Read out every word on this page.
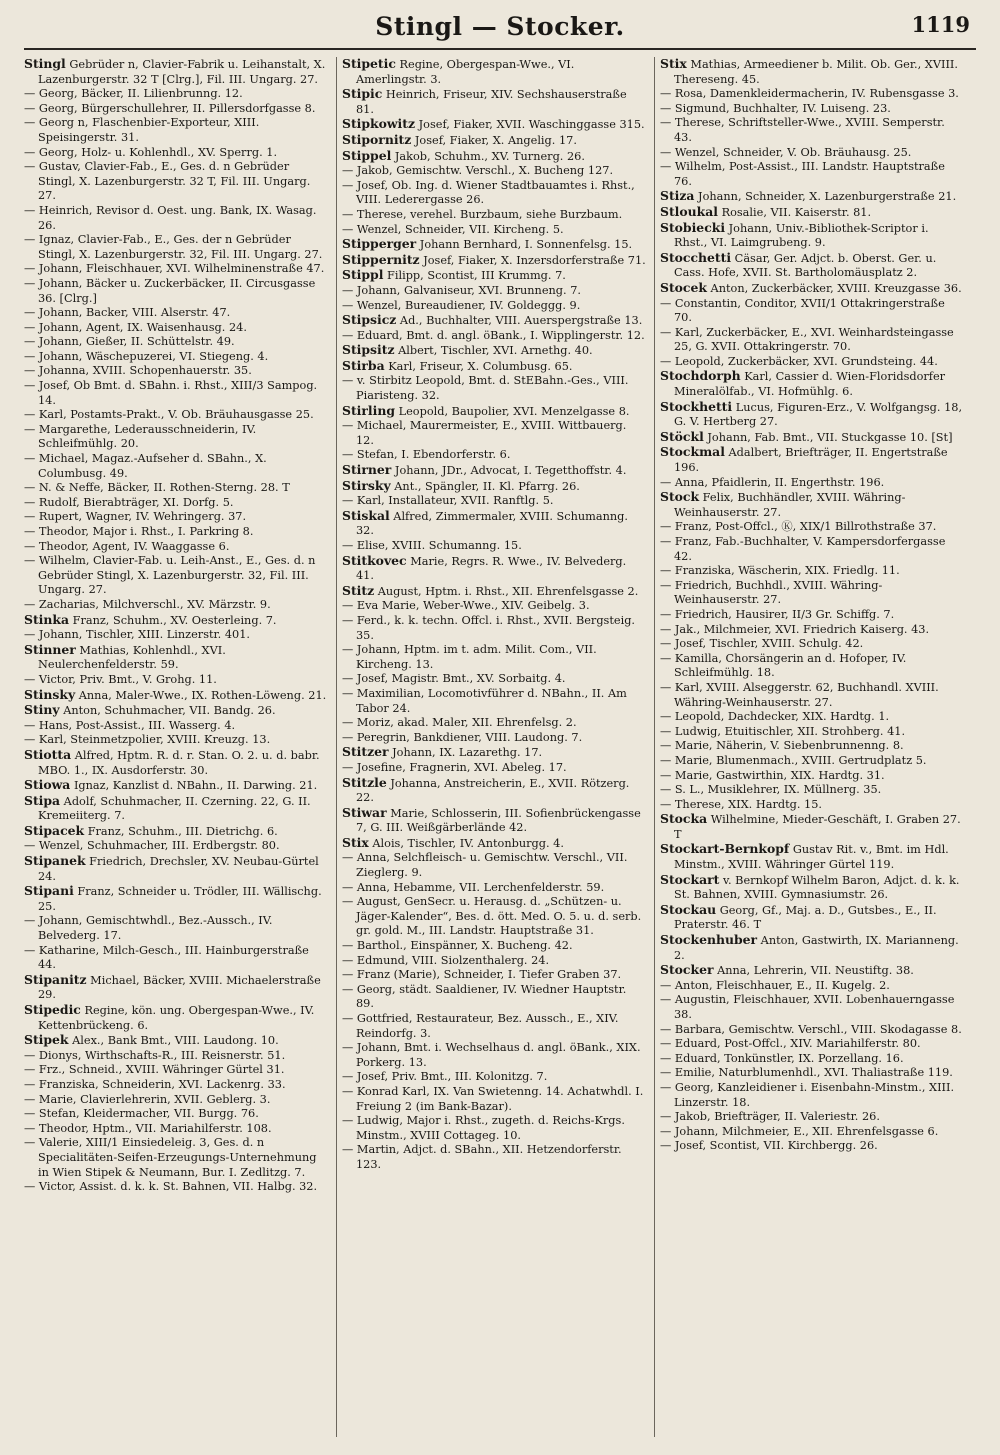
Stingl — Stocker.	1119
Stingl Gebrüder n, Clavier-Fabrik u. Leihanstalt, X. Lazenburgerstr. 32 T [Clrg.], Fil. III. Ungarg. 27.
— Georg, Bäcker, II. Lilienbrunng. 12.
— Georg, Bürgerschullehrer, II. Pillersdorfgasse 8.
— Georg n, Flaschenbier-Exporteur, XIII. Speisingerstr. 31.
— Georg, Holz- u. Kohlenhdl., XV. Sperrg. 1.
— Gustav, Clavier-Fab., E., Ges. d. n Gebrüder Stingl, X. Lazenburgerstr. 32 T, Fil. III. Ungarg. 27.
— Heinrich, Revisor d. Oest. ung. Bank, IX. Wasag. 26.
— Ignaz, Clavier-Fab., E., Ges. der n Gebrüder Stingl, X. Lazenburgerstr. 32, Fil. III. Ungarg. 27.
— Johann, Fleischhauer, XVI. Wilhelminenstraße 47.
— Johann, Bäcker u. Zuckerbäcker, II. Circusgasse 36. [Clrg.]
— Johann, Backer, VIII. Alserstr. 47.
— Johann, Agent, IX. Waisenhausg. 24.
— Johann, Gießer, II. Schüttelstr. 49.
— Johann, Wäschepuzerei, VI. Stiegeng. 4.
— Johanna, XVIII. Schopenhauerstr. 35.
— Josef, Ob Bmt. d. SBahn. i. Rhst., XIII/3 Sampog. 14.
— Karl, Postamts-Prakt., V. Ob. Bräuhausgasse 25.
— Margarethe, Lederausschneiderin, IV. Schleifmühlg. 20.
— Michael, Magaz.-Aufseher d. SBahn., X. Columbusg. 49.
— N. & Neffe, Bäcker, II. Rothen-Sterng. 28. T
— Rudolf, Bierabträger, XI. Dorfg. 5.
— Rupert, Wagner, IV. Wehringerg. 37.
— Theodor, Major i. Rhst., I. Parkring 8.
— Theodor, Agent, IV. Waaggasse 6.
— Wilhelm, Clavier-Fab. u. Leih-Anst., E., Ges. d. n Gebrüder Stingl, X. Lazenburgerstr. 32, Fil. III. Ungarg. 27.
— Zacharias, Milchverschl., XV. Märzstr. 9.
Stinka Franz, Schuhm., XV. Oesterleing. 7.
— Johann, Tischler, XIII. Linzerstr. 401.
Stinner Mathias, Kohlenhdl., XVI. Neulerchenfelderstr. 59.
— Victor, Priv. Bmt., V. Grohg. 11.
Stinsky Anna, Maler-Wwe., IX. Rothen-Löweng. 21.
Stiny Anton, Schuhmacher, VII. Bandg. 26.
— Hans, Post-Assist., III. Wasserg. 4.
— Karl, Steinmetzpolier, XVIII. Kreuzg. 13.
Stiotta Alfred, Hptm. R. d. r. Stan. O. 2. u. d. babr. MBO. 1., IX. Ausdorferstr. 30.
Stiowa Ignaz, Kanzlist d. NBahn., II. Darwing. 21.
Stipa Adolf, Schuhmacher, II. Czerning. 22, G. II. Kremeiiterg. 7.
Stipacek Franz, Schuhm., III. Dietrichg. 6.
— Wenzel, Schuhmacher, III. Erdbergstr. 80.
Stipanek Friedrich, Drechsler, XV. Neubau-Gürtel 24.
Stipani Franz, Schneider u. Trödler, III. Wällischg. 25.
— Johann, Gemischtwhdl., Bez.-Aussch., IV. Belvederg. 17.
— Katharine, Milch-Gesch., III. Hainburgerstraße 44.
Stipanitz Michael, Bäcker, XVIII. Michaelerstraße 29.
Stipedic Regine, kön. ung. Obergespan-Wwe., IV. Kettenbrückeng. 6.
Stipek Alex., Bank Bmt., VIII. Laudong. 10.
— Dionys, Wirthschafts-R., III. Reisnerstr. 51.
— Frz., Schneid., XVIII. Währinger Gürtel 31.
— Franziska, Schneiderin, XVI. Lackenrg. 33.
— Marie, Clavierlehrerin, XVII. Geblerg. 3.
— Stefan, Kleidermacher, VII. Burgg. 76.
— Theodor, Hptm., VII. Mariahilferstr. 108.
— Valerie, XIII/1 Einsiedeleig. 3, Ges. d. n Specialitäten-Seifen-Erzeugungs-Unternehmung in Wien Stipek & Neumann, Bur. I. Zedlitzg. 7.
— Victor, Assist. d. k. k. St. Bahnen, VII. Halbg. 32.
Stipetic Regine, Obergespan-Wwe., VI. Amerlingstr. 3.
Stipic Heinrich, Friseur, XIV. Sechshauserstraße 81.
Stipkowitz Josef, Fiaker, XVII. Waschinggasse 315.
Stipornitz Josef, Fiaker, X. Angelig. 17.
Stippel Jakob, Schuhm., XV. Turnerg. 26.
— Jakob, Gemischtw. Verschl., X. Bucheng 127.
— Josef, Ob. Ing. d. Wiener Stadtbauamtes i. Rhst., VIII. Lederergasse 26.
— Therese, verehel. Burzbaum, siehe Burzbaum.
— Wenzel, Schneider, VII. Kircheng. 5.
Stipperger Johann Bernhard, I. Sonnenfelsg. 15.
Stippernitz Josef, Fiaker, X. Inzersdorferstraße 71.
Stippl Filipp, Scontist, III Krummg. 7.
— Johann, Galvaniseur, XVI. Brunneng. 7.
— Wenzel, Bureaudiener, IV. Goldeggg. 9.
Stipsicz Ad., Buchhalter, VIII. Auerspergstraße 13.
— Eduard, Bmt. d. angl. öBank., I. Wipplingerstr. 12.
Stipsitz Albert, Tischler, XVI. Arnethg. 40.
Stirba Karl, Friseur, X. Columbusg. 65.
— v. Stirbitz Leopold, Bmt. d. StEBahn.-Ges., VIII. Piaristeng. 32.
Stirling Leopold, Baupolier, XVI. Menzelgasse 8.
— Michael, Maurermeister, E., XVIII. Wittbauerg. 12.
— Stefan, I. Ebendorferstr. 6.
Stirner Johann, JDr., Advocat, I. Tegetthoffstr. 4.
Stirsky Ant., Spängler, II. Kl. Pfarrg. 26.
— Karl, Installateur, XVII. Ranftlg. 5.
Stiskal Alfred, Zimmermaler, XVIII. Schumanng. 32.
— Elise, XVIII. Schumanng. 15.
Stitkovec Marie, Regrs. R. Wwe., IV. Belvederg. 41.
Stitz August, Hptm. i. Rhst., XII. Ehrenfelsgasse 2.
— Eva Marie, Weber-Wwe., XIV. Geibelg. 3.
— Ferd., k. k. techn. Offcl. i. Rhst., XVII. Bergsteig. 35.
— Johann, Hptm. im t. adm. Milit. Com., VII. Kircheng. 13.
— Josef, Magistr. Bmt., XV. Sorbaitg. 4.
— Maximilian, Locomotivführer d. NBahn., II. Am Tabor 24.
— Moriz, akad. Maler, XII. Ehrenfelsg. 2.
— Peregrin, Bankdiener, VIII. Laudong. 7.
Stitzer Johann, IX. Lazarethg. 17.
— Josefine, Fragnerin, XVI. Abeleg. 17.
Stitzle Johanna, Anstreicherin, E., XVII. Rötzerg. 22.
Stiwar Marie, Schlosserin, III. Sofienbrückengasse 7, G. III. Weißgärberlände 42.
Stix Alois, Tischler, IV. Antonburgg. 4.
— Anna, Selchfleisch- u. Gemischtw. Verschl., VII. Zieglerg. 9.
— Anna, Hebamme, VII. Lerchenfelderstr. 59.
— August, GenSecr. u. Herausg. d. „Schützen- u. Jäger-Kalender“, Bes. d. ött. Med. O. 5. u. d. serb. gr. gold. M., III. Landstr. Hauptstraße 31.
— Barthol., Einspänner, X. Bucheng. 42.
— Edmund, VIII. Siolzenthalerg. 24.
— Franz (Marie), Schneider, I. Tiefer Graben 37.
— Georg, städt. Saaldiener, IV. Wiedner Hauptstr. 89.
— Gottfried, Restaurateur, Bez. Aussch., E., XIV. Reindorfg. 3.
— Johann, Bmt. i. Wechselhaus d. angl. öBank., XIX. Porkerg. 13.
— Josef, Priv. Bmt., III. Kolonitzg. 7.
— Konrad Karl, IX. Van Swietenng. 14. Achatwhdl. I. Freiung 2 (im Bank-Bazar).
— Ludwig, Major i. Rhst., zugeth. d. Reichs-Krgs. Minstm., XVIII Cottageg. 10.
— Martin, Adjct. d. SBahn., XII. Hetzendorferstr. 123.
Stix Mathias, Armeediener b. Milit. Ob. Ger., XVIII. Thereseng. 45.
— Rosa, Damenkleidermacherin, IV. Rubensgasse 3.
— Sigmund, Buchhalter, IV. Luiseng. 23.
— Therese, Schriftsteller-Wwe., XVIII. Semperstr. 43.
— Wenzel, Schneider, V. Ob. Bräuhausg. 25.
— Wilhelm, Post-Assist., III. Landstr. Hauptstraße 76.
Stiza Johann, Schneider, X. Lazenburgerstraße 21.
Stloukal Rosalie, VII. Kaiserstr. 81.
Stobiecki Johann, Univ.-Bibliothek-Scriptor i. Rhst., VI. Laimgrubeng. 9.
Stocchetti Cäsar, Ger. Adjct. b. Oberst. Ger. u. Cass. Hofe, XVII. St. Bartholomäusplatz 2.
Stocek Anton, Zuckerbäcker, XVIII. Kreuzgasse 36.
— Constantin, Conditor, XVII/1 Ottakringerstraße 70.
— Karl, Zuckerbäcker, E., XVI. Weinhardsteingasse 25, G. XVII. Ottakringerstr. 70.
— Leopold, Zuckerbäcker, XVI. Grundsteing. 44.
Stochdorph Karl, Cassier d. Wien-Floridsdorfer Mineralölfab., VI. Hofmühlg. 6.
Stockhetti Lucus, Figuren-Erz., V. Wolfgangsg. 18, G. V. Hertberg 27.
Stöckl Johann, Fab. Bmt., VII. Stuckgasse 10. [St]
Stockmal Adalbert, Briefträger, II. Engertstraße 196.
— Anna, Pfaidlerin, II. Engerthstr. 196.
Stock Felix, Buchhändler, XVIII. Währing-Weinhauserstr. 27.
— Franz, Post-Offcl., Ⓚ, XIX/1 Billrothstraße 37.
— Franz, Fab.-Buchhalter, V. Kampersdorfergasse 42.
— Franziska, Wäscherin, XIX. Friedlg. 11.
— Friedrich, Buchhdl., XVIII. Währing-Weinhauserstr. 27.
— Friedrich, Hausirer, II/3 Gr. Schiffg. 7.
— Jak., Milchmeier, XVI. Friedrich Kaiserg. 43.
— Josef, Tischler, XVIII. Schulg. 42.
— Kamilla, Chorsängerin an d. Hofoper, IV. Schleifmühlg. 18.
— Karl, XVIII. Alseggerstr. 62, Buchhandl. XVIII. Währing-Weinhauserstr. 27.
— Leopold, Dachdecker, XIX. Hardtg. 1.
— Ludwig, Etuitischler, XII. Strohberg. 41.
— Marie, Näherin, V. Siebenbrunnenng. 8.
— Marie, Blumenmach., XVIII. Gertrudplatz 5.
— Marie, Gastwirthin, XIX. Hardtg. 31.
— S. L., Musiklehrer, IX. Müllnerg. 35.
— Therese, XIX. Hardtg. 15.
Stocka Wilhelmine, Mieder-Geschäft, I. Graben 27. T
Stockart-Bernkopf Gustav Rit. v., Bmt. im Hdl. Minstm., XVIII. Währinger Gürtel 119.
Stockart v. Bernkopf Wilhelm Baron, Adjct. d. k. k. St. Bahnen, XVIII. Gymnasiumstr. 26.
Stockau Georg, Gf., Maj. a. D., Gutsbes., E., II. Praterstr. 46. T
Stockenhuber Anton, Gastwirth, IX. Marianneng. 2.
Stocker Anna, Lehrerin, VII. Neustiftg. 38.
— Anton, Fleischhauer, E., II. Kugelg. 2.
— Augustin, Fleischhauer, XVII. Lobenhauerngasse 38.
— Barbara, Gemischtw. Verschl., VIII. Skodagasse 8.
— Eduard, Post-Offcl., XIV. Mariahilferstr. 80.
— Eduard, Tonkünstler, IX. Porzellang. 16.
— Emilie, Naturblumenhdl., XVI. Thaliastraße 119.
— Georg, Kanzleidiener i. Eisenbahn-Minstm., XIII. Linzerstr. 18.
— Jakob, Briefträger, II. Valeriestr. 26.
— Johann, Milchmeier, E., XII. Ehrenfelsgasse 6.
— Josef, Scontist, VII. Kirchbergg. 26.
